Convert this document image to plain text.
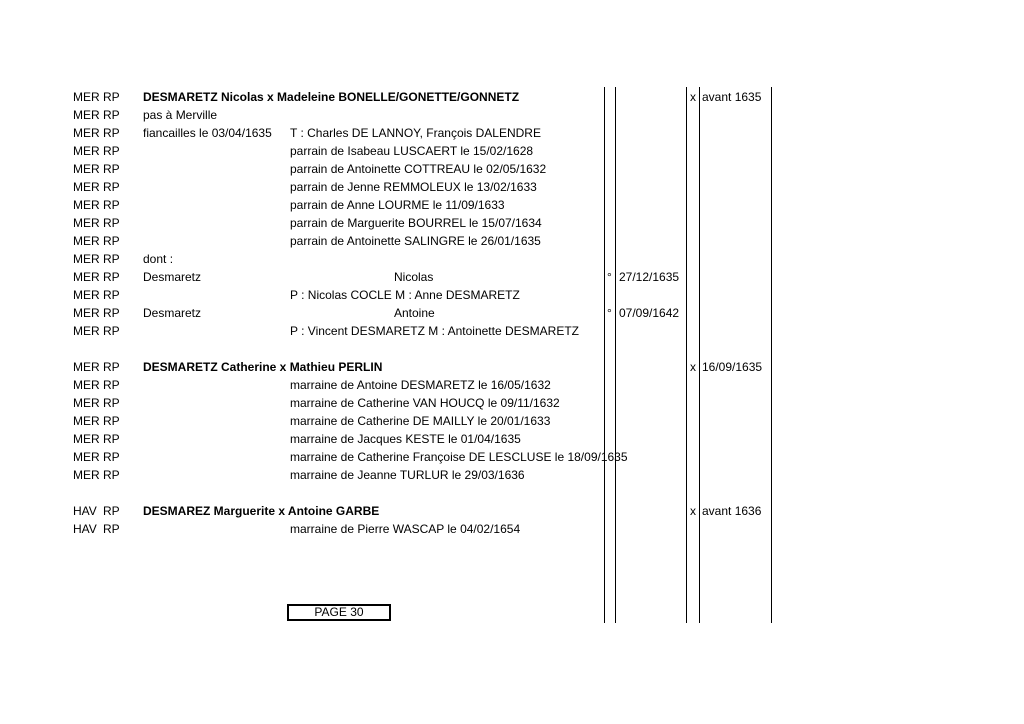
MER RP DESMARETZ Nicolas x Madeleine BONELLE/GONETTE/GONNETZ	x avant 1635
MER RP pas à Merville
MER RP fiancailles le 03/04/1635 T : Charles DE LANNOY, François DALENDRE
MER RP	parrain de Isabeau LUSCAERT le 15/02/1628
MER RP	parrain de Antoinette COTTREAU le 02/05/1632
MER RP	parrain de Jenne REMMOLEUX le 13/02/1633
MER RP	parrain de Anne LOURME le 11/09/1633
MER RP	parrain de Marguerite BOURREL le 15/07/1634
MER RP	parrain de Antoinette SALINGRE le 26/01/1635
MER RP dont :
MER RP Desmaretz	Nicolas	° 27/12/1635
MER RP	P : Nicolas COCLE M : Anne DESMARETZ
MER RP Desmaretz	Antoine	° 07/09/1642
MER RP	P : Vincent DESMARETZ M : Antoinette DESMARETZ
MER RP DESMARETZ Catherine x Mathieu PERLIN	x 16/09/1635
MER RP	marraine de Antoine DESMARETZ le 16/05/1632
MER RP	marraine de Catherine VAN HOUCQ le 09/11/1632
MER RP	marraine de Catherine DE MAILLY le 20/01/1633
MER RP	marraine de Jacques KESTE le 01/04/1635
MER RP	marraine de Catherine Françoise DE LESCLUSE le 18/09/1635
MER RP	marraine de Jeanne TURLUR le 29/03/1636
HAV RP DESMAREZ Marguerite x Antoine GARBE	x avant 1636
HAV RP	marraine de Pierre WASCAP le 04/02/1654
PAGE 30
